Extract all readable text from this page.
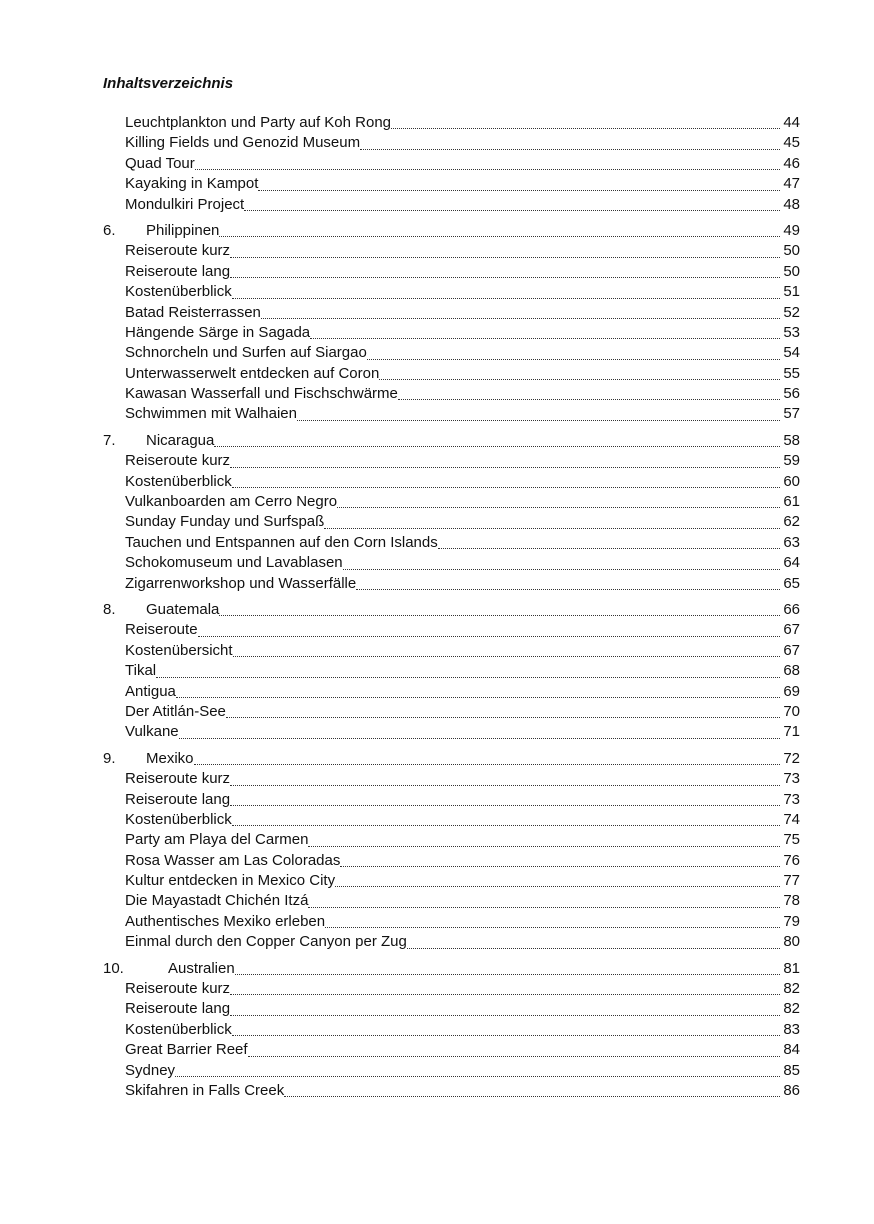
Inhaltsverzeichnis
Leuchtplankton und Party auf Koh Rong	44
Killing Fields und Genozid Museum	45
Quad Tour	46
Kayaking in Kampot	47
Mondulkiri Project	48
6.	Philippinen	49
Reiseroute kurz	50
Reiseroute lang	50
Kostenüberblick	51
Batad Reisterrassen	52
Hängende Särge in Sagada	53
Schnorcheln und Surfen auf Siargao	54
Unterwasserwelt entdecken auf Coron	55
Kawasan Wasserfall und Fischschwärme	56
Schwimmen mit Walhaien	57
7.	Nicaragua	58
Reiseroute kurz	59
Kostenüberblick	60
Vulkanboarden am Cerro Negro	61
Sunday Funday und Surfspaß	62
Tauchen und Entspannen auf den Corn Islands	63
Schokomuseum und Lavablasen	64
Zigarrenworkshop und Wasserfälle	65
8.	Guatemala	66
Reiseroute	67
Kostenübersicht	67
Tikal	68
Antigua	69
Der Atitlán-See	70
Vulkane	71
9.	Mexiko	72
Reiseroute kurz	73
Reiseroute lang	73
Kostenüberblick	74
Party am Playa del Carmen	75
Rosa Wasser am Las Coloradas	76
Kultur entdecken in Mexico City	77
Die Mayastadt Chichén Itzá	78
Authentisches Mexiko erleben	79
Einmal durch den Copper Canyon per Zug	80
10.	Australien	81
Reiseroute kurz	82
Reiseroute lang	82
Kostenüberblick	83
Great Barrier Reef	84
Sydney	85
Skifahren in Falls Creek	86
